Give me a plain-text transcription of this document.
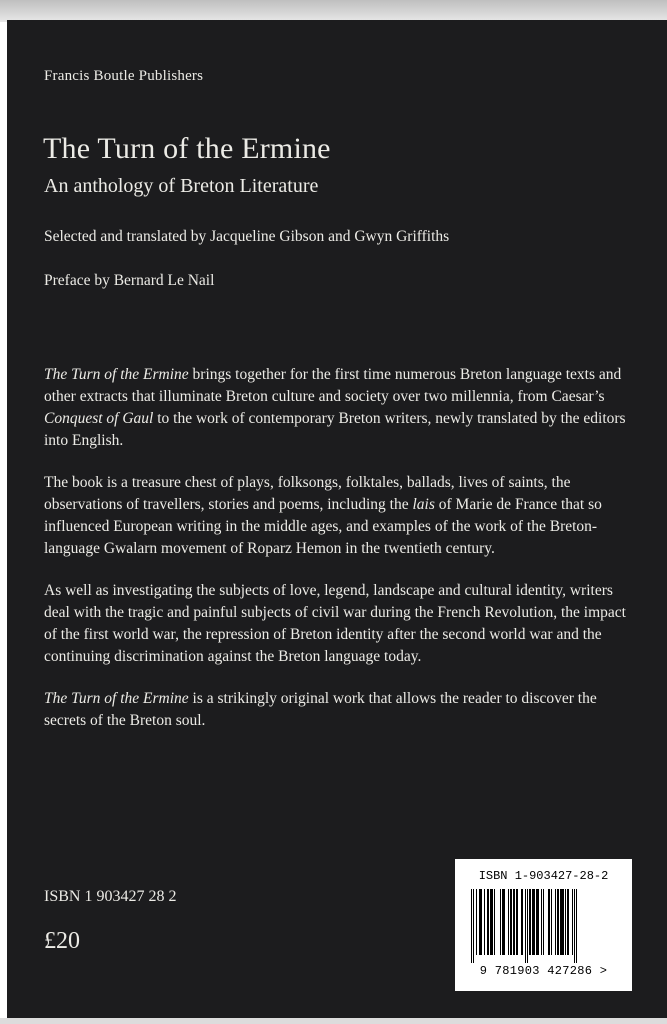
Francis Boutle Publishers
The Turn of the Ermine
An anthology of Breton Literature
Selected and translated by Jacqueline Gibson and Gwyn Griffiths
Preface by Bernard Le Nail

The Turn of the Ermine brings together for the first time numerous Breton language texts and other extracts that illuminate Breton culture and society over two millennia, from Caesar’s Conquest of Gaul to the work of contemporary Breton writers, newly translated by the editors into English.

The book is a treasure chest of plays, folksongs, folktales, ballads, lives of saints, the observations of travellers, stories and poems, including the lais of Marie de France that so influenced European writing in the middle ages, and examples of the work of the Breton-language Gwalarn movement of Roparz Hemon in the twentieth century.

As well as investigating the subjects of love, legend, landscape and cultural identity, writers deal with the tragic and painful subjects of civil war during the French Revolution, the impact of the first world war, the repression of Breton identity after the second world war and the continuing discrimination against the Breton language today.

The Turn of the Ermine is a strikingly original work that allows the reader to discover the secrets of the Breton soul.

ISBN 1 903427 28 2
£20
ISBN 1-903427-28-2
9 781903 427286 >
